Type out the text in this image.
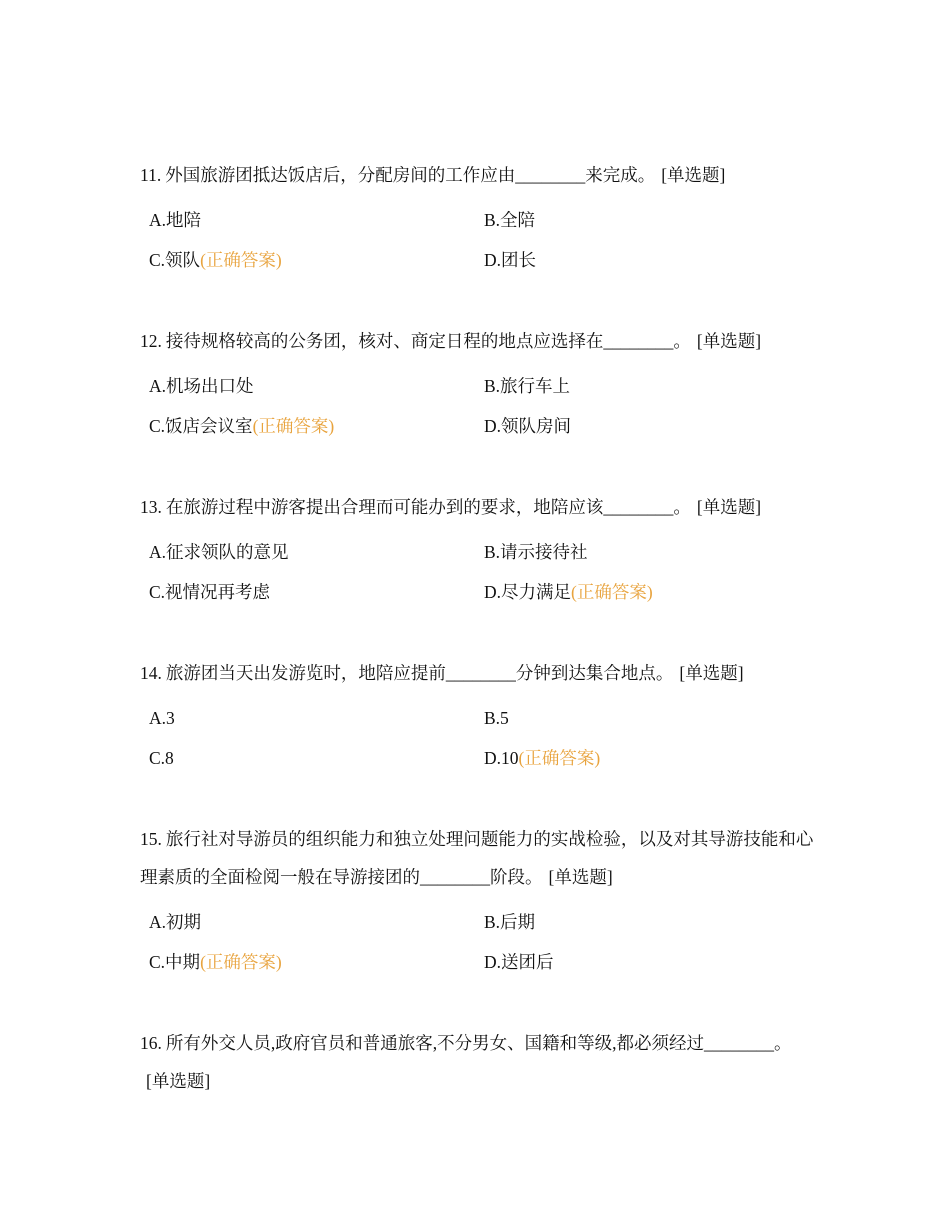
11. 外国旅游团抵达饭店后，分配房间的工作应由________来完成。 [单选题]

A.地陪	B.全陪
C.领队(正确答案)	D.团长

12. 接待规格较高的公务团，核对、商定日程的地点应选择在________。 [单选题]

A.机场出口处	B.旅行车上
C.饭店会议室(正确答案)	D.领队房间

13. 在旅游过程中游客提出合理而可能办到的要求，地陪应该________。 [单选题]

A.征求领队的意见	B.请示接待社
C.视情况再考虑	D.尽力满足(正确答案)

14. 旅游团当天出发游览时，地陪应提前________分钟到达集合地点。 [单选题]

A.3	B.5
C.8	D.10(正确答案)

15. 旅行社对导游员的组织能力和独立处理问题能力的实战检验，以及对其导游技能和心理素质的全面检阅一般在导游接团的________阶段。 [单选题]

A.初期	B.后期
C.中期(正确答案)	D.送团后

16. 所有外交人员,政府官员和普通旅客,不分男女、国籍和等级,都必须经过________。[单选题]
